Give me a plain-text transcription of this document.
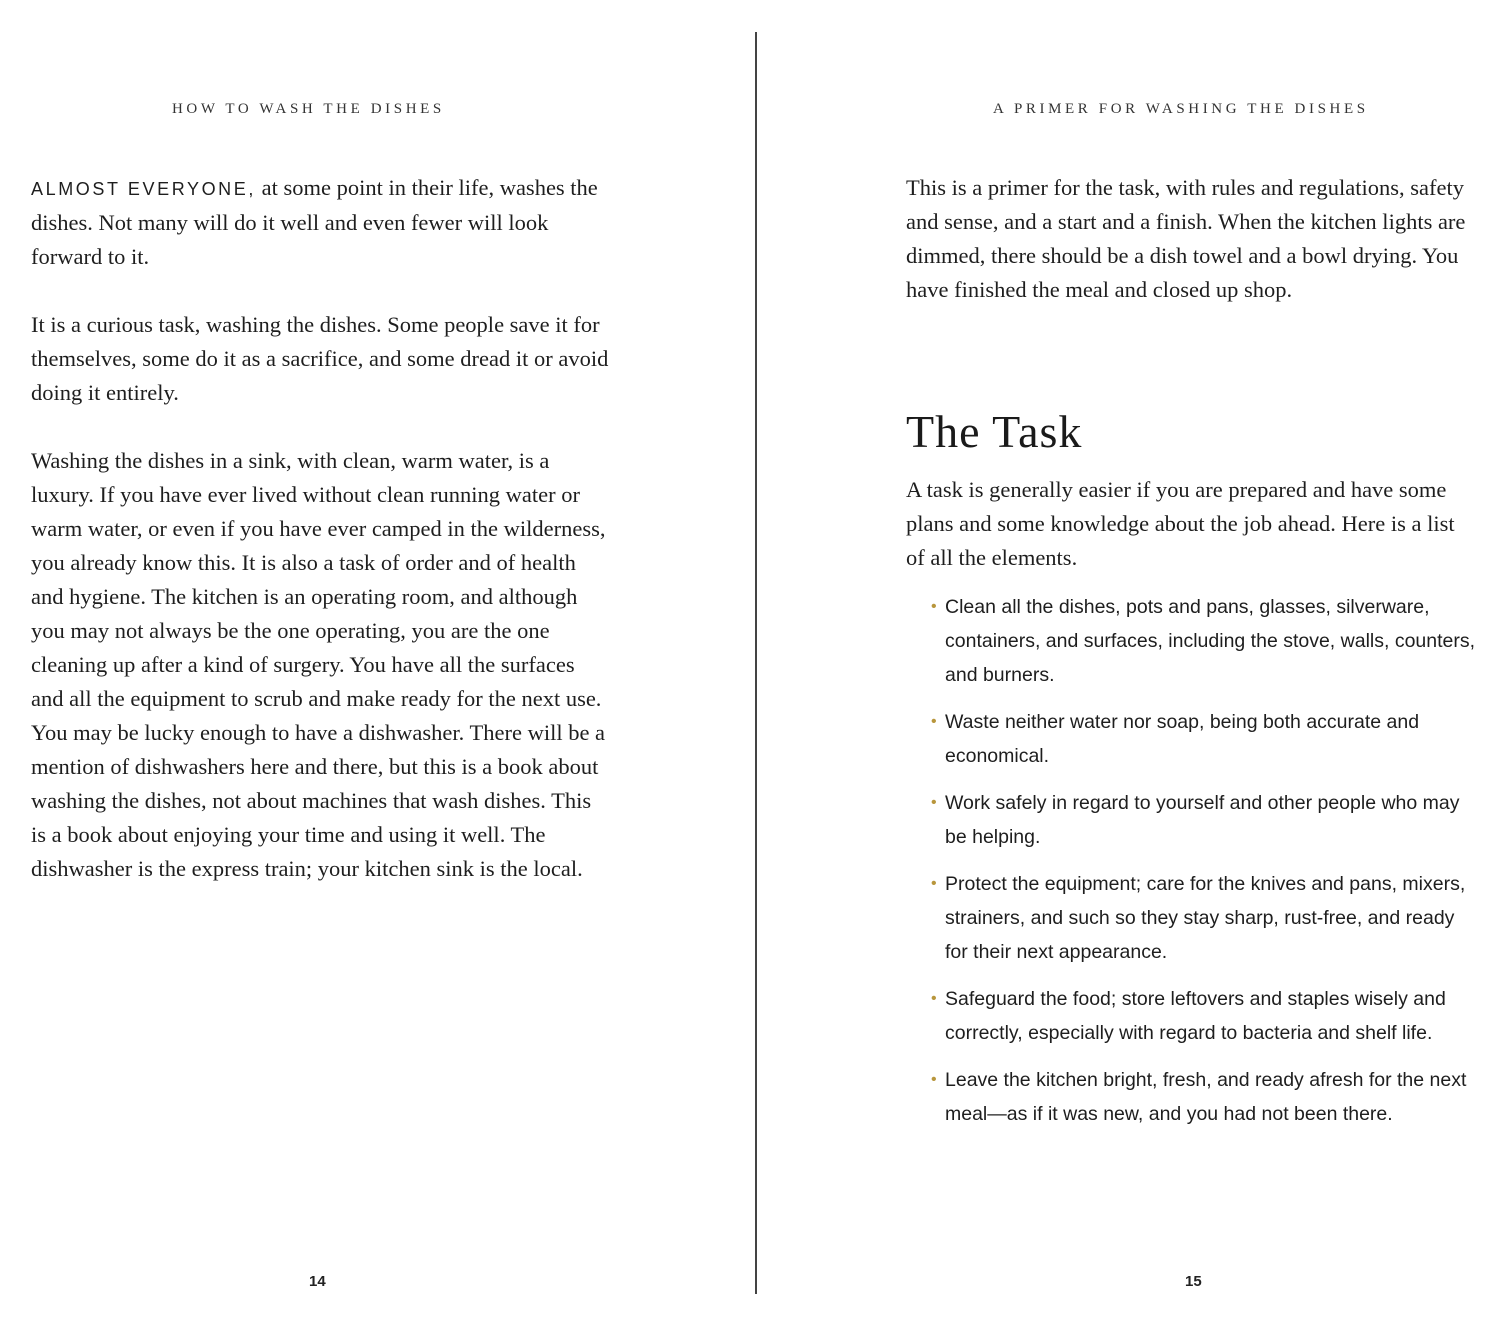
HOW TO WASH THE DISHES

ALMOST EVERYONE, at some point in their life, washes the dishes. Not many will do it well and even fewer will look forward to it.

It is a curious task, washing the dishes. Some people save it for themselves, some do it as a sacrifice, and some dread it or avoid doing it entirely.

Washing the dishes in a sink, with clean, warm water, is a luxury. If you have ever lived without clean running water or warm water, or even if you have ever camped in the wilderness, you already know this. It is also a task of order and of health and hygiene. The kitchen is an operating room, and although you may not always be the one operating, you are the one cleaning up after a kind of surgery. You have all the surfaces and all the equipment to scrub and make ready for the next use. You may be lucky enough to have a dishwasher. There will be a mention of dishwashers here and there, but this is a book about washing the dishes, not about machines that wash dishes. This is a book about enjoying your time and using it well. The dishwasher is the express train; your kitchen sink is the local.

14
A PRIMER FOR WASHING THE DISHES

This is a primer for the task, with rules and regulations, safety and sense, and a start and a finish. When the kitchen lights are dimmed, there should be a dish towel and a bowl drying. You have finished the meal and closed up shop.

The Task

A task is generally easier if you are prepared and have some plans and some knowledge about the job ahead. Here is a list of all the elements.

• Clean all the dishes, pots and pans, glasses, silverware, containers, and surfaces, including the stove, walls, counters, and burners.
• Waste neither water nor soap, being both accurate and economical.
• Work safely in regard to yourself and other people who may be helping.
• Protect the equipment; care for the knives and pans, mixers, strainers, and such so they stay sharp, rust-free, and ready for their next appearance.
• Safeguard the food; store leftovers and staples wisely and correctly, especially with regard to bacteria and shelf life.
• Leave the kitchen bright, fresh, and ready afresh for the next meal—as if it was new, and you had not been there.
15
